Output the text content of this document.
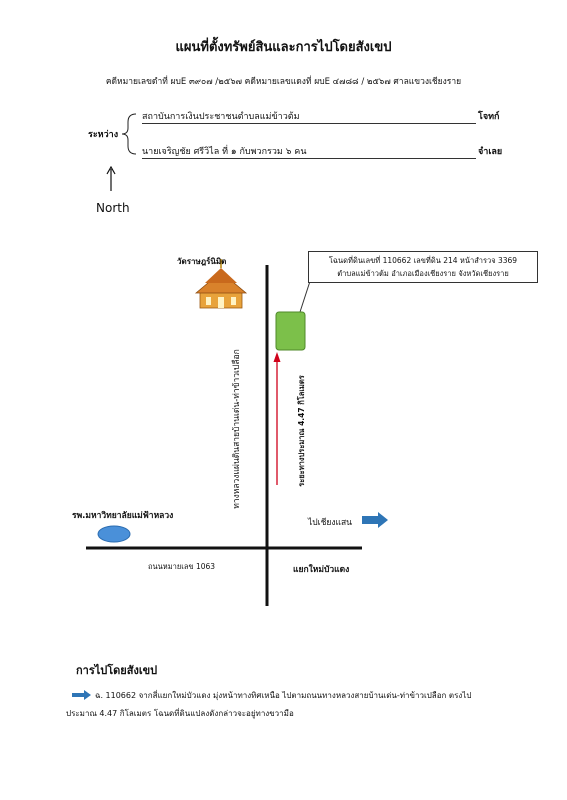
แผนที่ตั้งทรัพย์สินและการไปโดยสังเขป
คดีหมายเลขดำที่ ผบE ๓๙๐๗ /๒๕๖๗ คดีหมายเลขแดงที่ ผบE ๔๗๘๘ / ๒๕๖๗ ศาลแขวงเชียงราย
ระหว่าง
สถาบันการเงินประชาชนตำบลแม่ข้าวต้ม	โจทก์
นายเจริญชัย ศรีวิไล ที่ ๑ กับพวกรวม ๖ คน	จำเลย
North
วัดราษฎร์นิมิต	โฉนดที่ดินเลขที่ 110662 เลขที่ดิน 214 หน้าสำรวจ 3369
ตำบลแม่ข้าวต้ม อำเภอเมืองเชียงราย จังหวัดเชียงราย
ทางหลวงแผ่นดินสายบ้านเด่น-ท่าข้าวเปลือก	ระยะทางประมาณ 4.47 กิโลเมตร
รพ.มหาวิทยาลัยแม่ฟ้าหลวง
ไปเชียงแสน
ถนนหมายเลข 1063	แยกใหม่บัวแดง
การไปโดยสังเขป
ฉ. 110662 จากสี่แยกใหม่บัวแดง มุ่งหน้าทางทิศเหนือ ไปตามถนนทางหลวงสายบ้านเด่น-ท่าข้าวเปลือก ตรงไป
ประมาณ 4.47 กิโลเมตร โฉนดที่ดินแปลงดังกล่าวจะอยู่ทางขวามือ
